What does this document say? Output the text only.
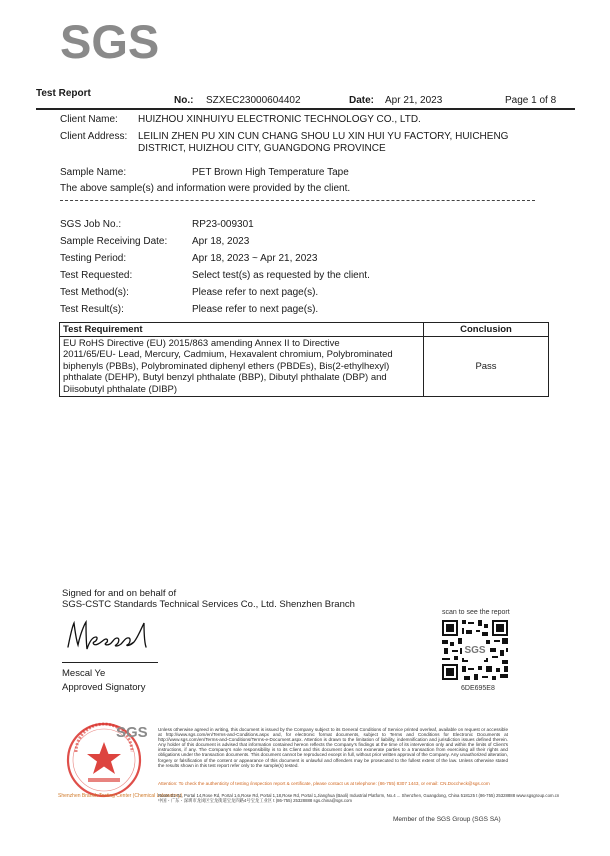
SGS
Test Report
No.: SZXEC23000604402	Date: Apr 21, 2023	Page 1 of 8
Client Name: HUIZHOU XINHUIYU ELECTRONIC TECHNOLOGY CO., LTD.
Client Address: LEILIN ZHEN PU XIN CUN CHANG SHOU LU XIN HUI YU FACTORY, HUICHENG
DISTRICT, HUIZHOU CITY, GUANGDONG PROVINCE
Sample Name:	PET Brown High Temperature Tape
The above sample(s) and information were provided by the client.
SGS Job No.:	RP23-009301
Sample Receiving Date: Apr 18, 2023
Testing Period:	Apr 18, 2023 ~ Apr 21, 2023
Test Requested:	Select test(s) as requested by the client.
Test Method(s):	Please refer to next page(s).
Test Result(s):	Please refer to next page(s).
Test Requirement	Conclusion

EU RoHS Directive (EU) 2015/863 amending Annex II to Directive
2011/65/EU- Lead, Mercury, Cadmium, Hexavalent chromium, Polybrominated
biphenyls (PBBs), Polybrominated diphenyl ethers (PBDEs), Bis(2-ethylhexyl)
phthalate (DEHP), Butyl benzyl phthalate (BBP), Dibutyl phthalate (DBP) and
Diisobutyl phthalate (DIBP)	Pass
Signed for and on behalf of
SGS-CSTC Standards Technical Services Co., Ltd. Shenzhen Branch
Mescal Ye
Approved Signatory
scan to see the report
SGS
6DE695E8
SGS
Shenzhen Branch Testing Center (Chemical Laboratory)
Unless otherwise agreed in writing, this document is issued by the Company subject to its General Conditions of Service printed overleaf, available on request or accessible at http://www.sgs.com/en/Terms-and-Conditions.aspx and, for electronic format documents, subject to Terms and Conditions for Electronic Documents at http://www.sgs.com/en/Terms-and-Conditions/Terms-e-Document.aspx. Attention is drawn to the limitation of liability, indemnification and jurisdiction issues defined therein. Any holder of this document is advised that information contained hereon reflects the Company's findings at the time of its intervention only and within the limits of Client's instructions, if any. The Company's sole responsibility is to its Client and this document does not exonerate parties to a transaction from exercising all their rights and obligations under the transaction documents. This document cannot be reproduced except in full, without prior written approval of the Company. Any unauthorized alteration, forgery or falsification of the content or appearance of this document is unlawful and offenders may be prosecuted to the fullest extent of the law. Unless otherwise stated the results shown in this test report refer only to the sample(s) tested.
Attention: To check the authenticity of testing /inspection report & certificate, please contact us at telephone: (86-755) 8307 1443, or email: CN.Doccheck@sgs.com
Room 01-01, Portal 14,Rose Rd, Portal 1,6,Rose Rd, Portal 1,18,Rose Rd, Portal 1,Jianghua (Baoli) Industrial Platform, No.4 ... Shenzhen, Guangdong, China 518125 t (86-755) 25328888 www.sgsgroup.com.cn
中国・广东・深圳市龙岗区宝龙街道宝龙四路4号宝龙工业区 t (86-755) 25328888 sgs.china@sgs.com
Member of the SGS Group (SGS SA)
